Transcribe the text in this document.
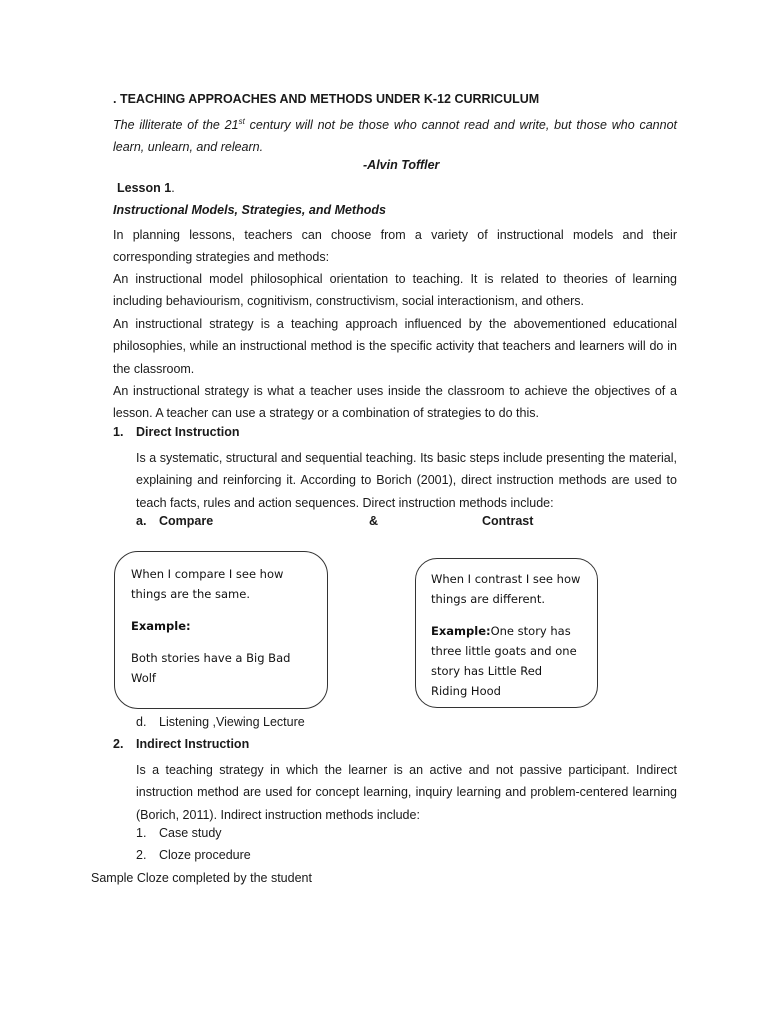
. TEACHING APPROACHES AND METHODS UNDER K-12 CURRICULUM

The illiterate of the 21st century will not be those who cannot read and write, but those who cannot learn, unlearn, and relearn.

-Alvin Toffler

Lesson 1.

Instructional Models, Strategies, and Methods

In planning lessons, teachers can choose from a variety of instructional models and their corresponding strategies and methods:

An instructional model philosophical orientation to teaching. It is related to theories of learning including behaviourism, cognitivism, constructivism, social interactionism, and others.

An instructional strategy is a teaching approach influenced by the abovementioned educational philosophies, while an instructional method is the specific activity that teachers and learners will do in the classroom.

An instructional strategy is what a teacher uses inside the classroom to achieve the objectives of a lesson. A teacher can use a strategy or a combination of strategies to do this.

1. Direct Instruction

Is a systematic, structural and sequential teaching. Its basic steps include presenting the material, explaining and reinforcing it. According to Borich (2001), direct instruction methods are used to teach facts, rules and action sequences. Direct instruction methods include:

a. Compare	&	Contrast

When I compare I see how things are the same.

Example:

Both stories have a Big Bad Wolf

When I contrast I see how things are different.

Example:One story has three little goats and one story has Little Red Riding Hood

d. Listening ,Viewing Lecture

2. Indirect Instruction

Is a teaching strategy in which the learner is an active and not passive participant. Indirect instruction method are used for concept learning, inquiry learning and problem-centered learning (Borich, 2011). Indirect instruction methods include:

1. Case study

2. Cloze procedure

Sample Cloze completed by the student
